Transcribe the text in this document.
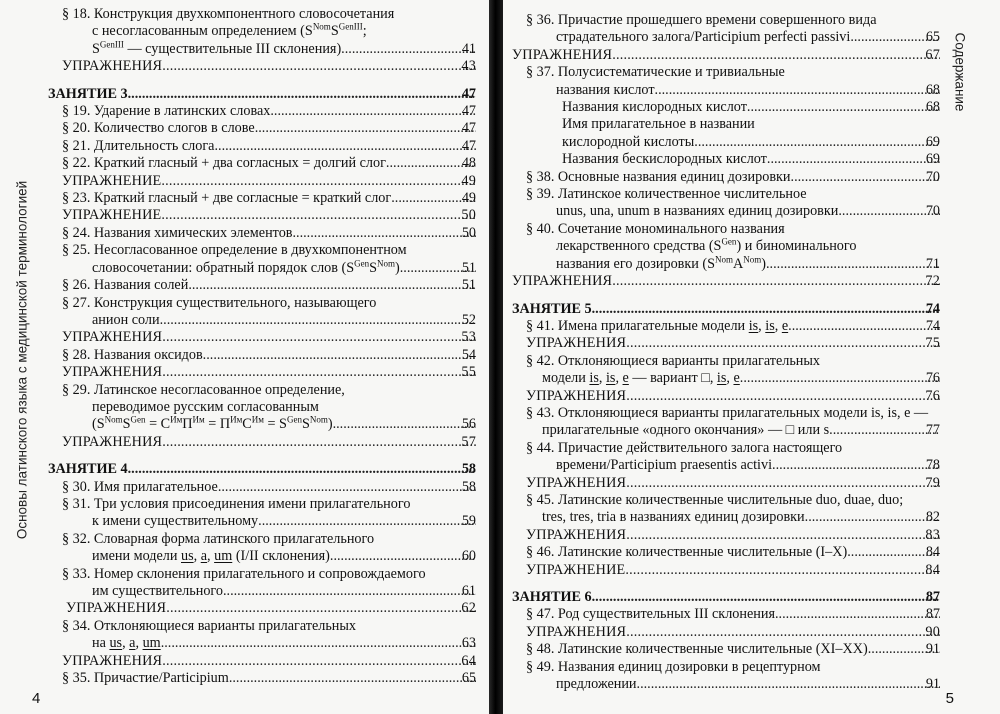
Основы латинского языка с медицинской терминологией
4	5
Содержание
§ 18. Конструкция двухкомпонентного словосочетания
с несогласованным определением ($S^{Nom}S^{GenIII}$;
$S^{GenIII}$ — существительные III склонения)	41
.....
УПРАЖНЕНИЯ	43
.....
ЗАНЯТИЕ 3	47
.....
§ 19. Ударение в латинских словах	47
.....
§ 20. Количество слогов в слове	47
.....
§ 21. Длительность слога	47
.....
§ 22. Краткий гласный + два согласных = долгий слог	48
.....
УПРАЖНЕНИЕ	49
.....
§ 23. Краткий гласный + две согласные = краткий слог	49
.....
УПРАЖНЕНИЕ	50
.....
§ 24. Названия химических элементов	50
.....
§ 25. Несогласованное определение в двухкомпонентном
словосочетании: обратный порядок слов $(S^{Gen}S^{Nom})$	51
.....
§ 26. Названия солей	51
.....
§ 27. Конструкция существительного, называющего
анион соли	52
.....
УПРАЖНЕНИЯ	53
.....
§ 28. Названия оксидов	54
.....
УПРАЖНЕНИЯ	55
.....
§ 29. Латинское несогласованное определение,
переводимое русским согласованным
$(S^{Nom}S^{Gen} = С^{Им}П^{Им} = П^{Им}С^{Им} = S^{Gen}S^{Nom})$	56
.....
УПРАЖНЕНИЯ	57
.....
ЗАНЯТИЕ 4	58
.....
§ 30. Имя прилагательное	58
.....
§ 31. Три условия присоединения имени прилагательного
к имени существительному	59
.....
§ 32. Словарная форма латинского прилагательного
имени модели us, a, um (I/II склонения)	60
.....
§ 33. Номер склонения прилагательного и сопровождаемого
им существительного	61
.....
УПРАЖНЕНИЯ	62
.....
§ 34. Отклоняющиеся варианты прилагательных
на us, a, um	63
.....
УПРАЖНЕНИЯ	64
.....
§ 35. Причастие/Participium	65
.....
§ 36. Причастие прошедшего времени совершенного вида
страдательного залога/Participium perfecti passivi	65
.....
УПРАЖНЕНИЯ	67
.....
§ 37. Полусистематические и тривиальные
названия кислот	68
.....
Названия кислородных кислот	68
.....
Имя прилагательное в названии
кислородной кислоты	69
.....
Названия бескислородных кислот	69
.....
§ 38. Основные названия единиц дозировки	70
.....
§ 39. Латинское количественное числительное
unus, una, unum в названиях единиц дозировки	70
.....
§ 40. Сочетание мономинального названия
лекарственного средства $(S^{Gen})$ и биноминального
названия его дозировки $(S^{Nom}A^{Nom})$	71
.....
УПРАЖНЕНИЯ	72
.....
ЗАНЯТИЕ 5	74
.....
§ 41. Имена прилагательные модели is, is, e	74
.....
УПРАЖНЕНИЯ	75
.....
§ 42. Отклоняющиеся варианты прилагательных
модели is, is, e — вариант □, is, e	76
.....
УПРАЖНЕНИЯ	76
.....
§ 43. Отклоняющиеся варианты прилагательных модели is, is, e —
прилагательные «одного окончания» — □ или s	77
.....
§ 44. Причастие действительного залога настоящего
времени/Participium praesentis activi	78
.....
УПРАЖНЕНИЯ	79
.....
§ 45. Латинские количественные числительные duo, duae, duo;
tres, tres, tria в названиях единиц дозировки	82
.....
УПРАЖНЕНИЯ	83
.....
§ 46. Латинские количественные числительные (I–X)	84
.....
УПРАЖНЕНИЕ	84
.....
ЗАНЯТИЕ 6	87
.....
§ 47. Род существительных III склонения	87
.....
УПРАЖНЕНИЯ	90
.....
§ 48. Латинские количественные числительные (XI–XX)	91
.....
§ 49. Названия единиц дозировки в рецептурном
предложении	91
.....
